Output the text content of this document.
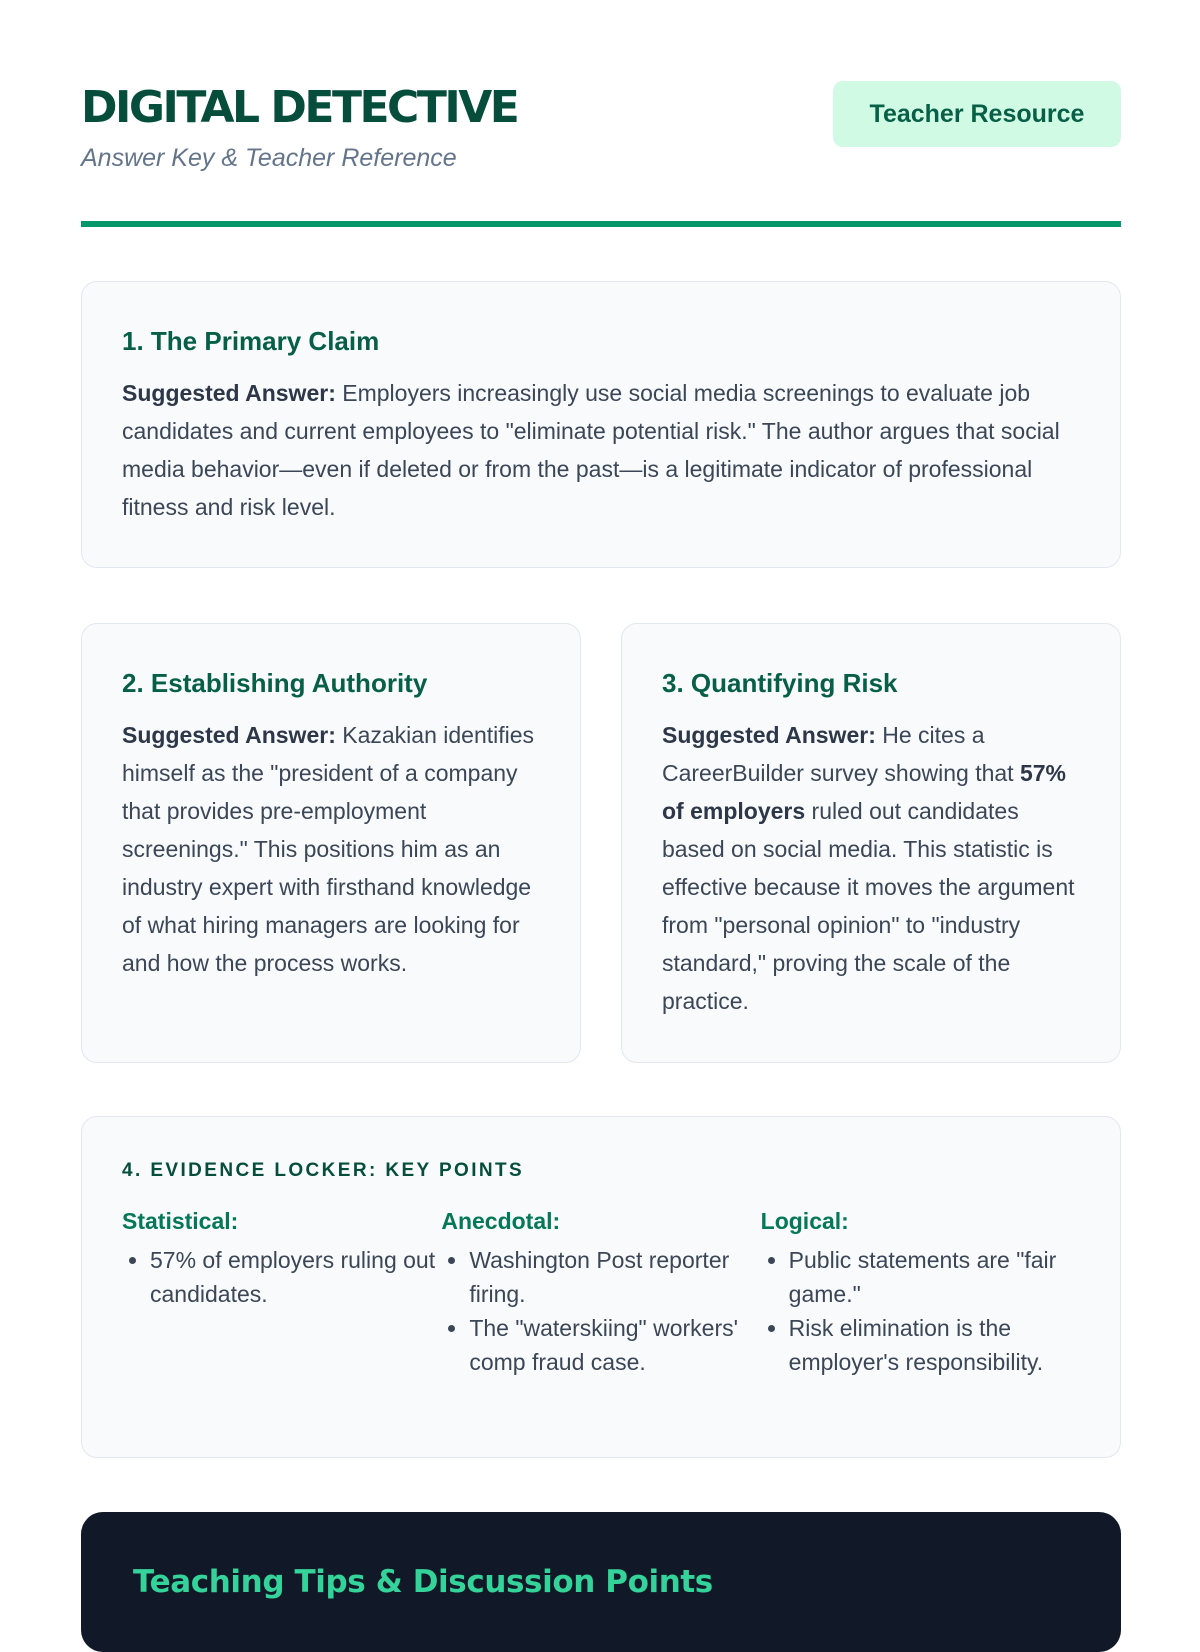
DIGITAL DETECTIVE
Answer Key & Teacher Reference
Teacher Resource
1. The Primary Claim

Suggested Answer: Employers increasingly use social media screenings to evaluate job candidates and current employees to "eliminate potential risk." The author argues that social media behavior—even if deleted or from the past—is a legitimate indicator of professional fitness and risk level.

2. Establishing Authority

Suggested Answer: Kazakian identifies himself as the "president of a company that provides pre-employment screenings." This positions him as an industry expert with firsthand knowledge of what hiring managers are looking for and how the process works.

3. Quantifying Risk

Suggested Answer: He cites a CareerBuilder survey showing that 57% of employers ruled out candidates based on social media. This statistic is effective because it moves the argument from "personal opinion" to "industry standard," proving the scale of the practice.

4. EVIDENCE LOCKER: KEY POINTS
Statistical:
• 57% of employers ruling out candidates.
Anecdotal:
• Washington Post reporter firing.
• The "waterskiing" workers' comp fraud case.
Logical:
• Public statements are "fair game."
• Risk elimination is the employer's responsibility.
Teaching Tips & Discussion Points
